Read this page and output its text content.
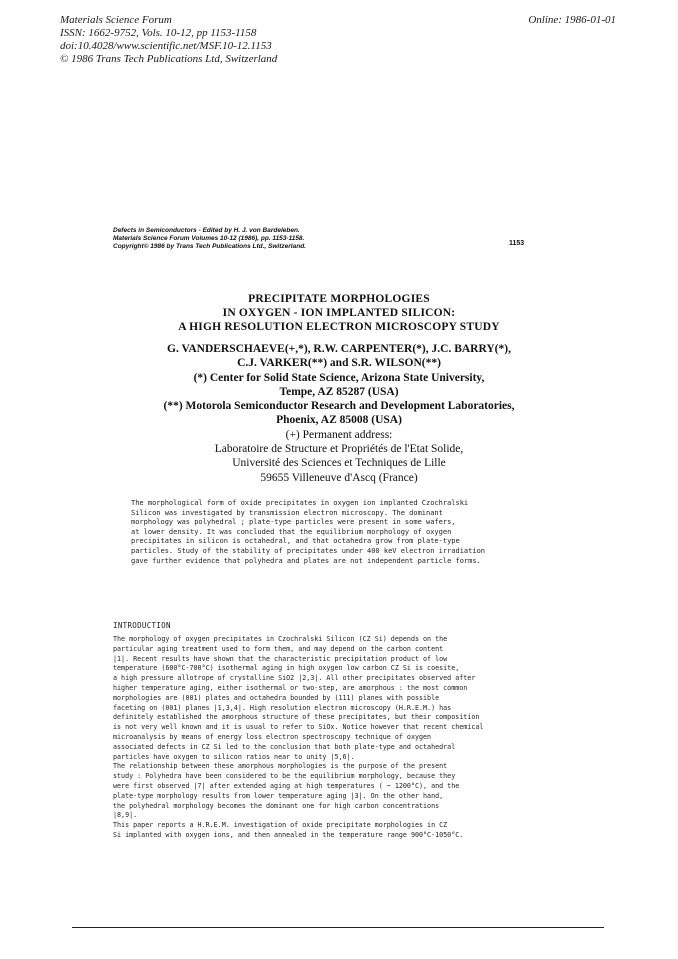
Materials Science Forum
ISSN: 1662-9752, Vols. 10-12, pp 1153-1158
doi:10.4028/www.scientific.net/MSF.10-12.1153
© 1986 Trans Tech Publications Ltd, Switzerland
Online: 1986-01-01
Defects in Semiconductors - Edited by H. J. von Bardeleben.
Materials Science Forum Volumes 10-12 (1986), pp. 1153-1158.
Copyright© 1986 by Trans Tech Publications Ltd., Switzerland.	1153
PRECIPITATE MORPHOLOGIES
IN OXYGEN - ION IMPLANTED SILICON:
A HIGH RESOLUTION ELECTRON MICROSCOPY STUDY
G. VANDERSCHAEVE(+,*), R.W. CARPENTER(*), J.C. BARRY(*),
C.J. VARKER(**) and S.R. WILSON(**)
(*) Center for Solid State Science, Arizona State University,
Tempe, AZ 85287 (USA)
(**) Motorola Semiconductor Research and Development Laboratories,
Phoenix, AZ 85008 (USA)
(+) Permanent address:
Laboratoire de Structure et Propriétés de l'Etat Solide,
Université des Sciences et Techniques de Lille
59655 Villeneuve d'Ascq (France)
The morphological form of oxide precipitates in oxygen ion implanted Czochralski
Silicon was investigated by transmission electron microscopy. The dominant
morphology was polyhedral ; plate-type particles were present in some wafers,
at lower density. It was concluded that the equilibrium morphology of oxygen
precipitates in silicon is octahedral, and that octahedra grow from plate-type
particles. Study of the stability of precipitates under 400 keV electron irradiation
gave further evidence that polyhedra and plates are not independent particle forms.
INTRODUCTION
The morphology of oxygen precipitates in Czochralski Silicon (CZ Si) depends on the
particular aging treatment used to form them, and may depend on the carbon content
|1|. Recent results have shown that the characteristic precipitation product of low
temperature (600°C-700°C) isothermal aging in high oxygen low carbon CZ Si is coesite,
a high pressure allotrope of crystalline SiO2 |2,3|. All other precipitates observed after
higher temperature aging, either isothermal or two-step, are amorphous : the most common
morphologies are (001) plates and octahedra bounded by (111) planes with possible
faceting on (001) planes |1,3,4|. High resolution electron microscopy (H.R.E.M.) has
definitely established the amorphous structure of these precipitates, but their composition
is not very well known and it is usual to refer to SiOx. Notice however that recent chemical
microanalysis by means of energy loss electron spectroscopy technique of oxygen
associated defects in CZ Si led to the conclusion that both plate-type and octahedral
particles have oxygen to silicon ratios near to unity |5,6|.
The relationship between these amorphous morphologies is the purpose of the present
study : Polyhedra have been considered to be the equilibrium morphology, because they
were first observed |7| after extended aging at high temperatures ( ~ 1200°C), and the
plate-type morphology results from lower temperature aging |3|. On the other hand,
the polyhedral morphology becomes the dominant one for high carbon concentrations
|8,9|.
This paper reports a H.R.E.M. investigation of oxide precipitate morphologies in CZ
Si implanted with oxygen ions, and then annealed in the temperature range 900°C-1050°C.
